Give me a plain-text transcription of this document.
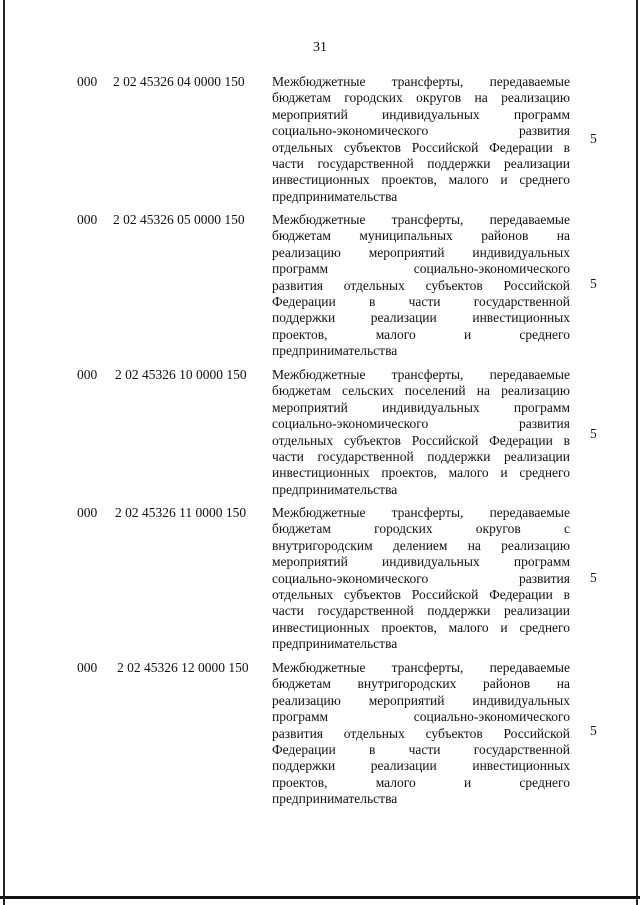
31
000 2 02 45326 04 0000 150 Межбюджетные трансферты, передаваемые
бюджетам городских округов на реализацию
мероприятий индивидуальных программ
социально-экономического развития
отдельных субъектов Российской Федерации в
части государственной поддержки реализации
инвестиционных проектов, малого и среднего
предпринимательства
5
000 2 02 45326 05 0000 150 Межбюджетные трансферты, передаваемые
бюджетам муниципальных районов на
реализацию мероприятий индивидуальных
программ социально-экономического
развития отдельных субъектов Российской
Федерации в части государственной
поддержки реализации инвестиционных
проектов, малого и среднего
предпринимательства
5
000 2 02 45326 10 0000 150 Межбюджетные трансферты, передаваемые
бюджетам сельских поселений на реализацию
мероприятий индивидуальных программ
социально-экономического развития
отдельных субъектов Российской Федерации в
части государственной поддержки реализации
инвестиционных проектов, малого и среднего
предпринимательства
5
000 2 02 45326 11 0000 150 Межбюджетные трансферты, передаваемые
бюджетам городских округов с
внутригородским делением на реализацию
мероприятий индивидуальных программ
социально-экономического развития
отдельных субъектов Российской Федерации в
части государственной поддержки реализации
инвестиционных проектов, малого и среднего
предпринимательства
5
000 2 02 45326 12 0000 150 Межбюджетные трансферты, передаваемые
бюджетам внутригородских районов на
реализацию мероприятий индивидуальных
программ социально-экономического
развития отдельных субъектов Российской
Федерации в части государственной
поддержки реализации инвестиционных
проектов, малого и среднего
предпринимательства
5
